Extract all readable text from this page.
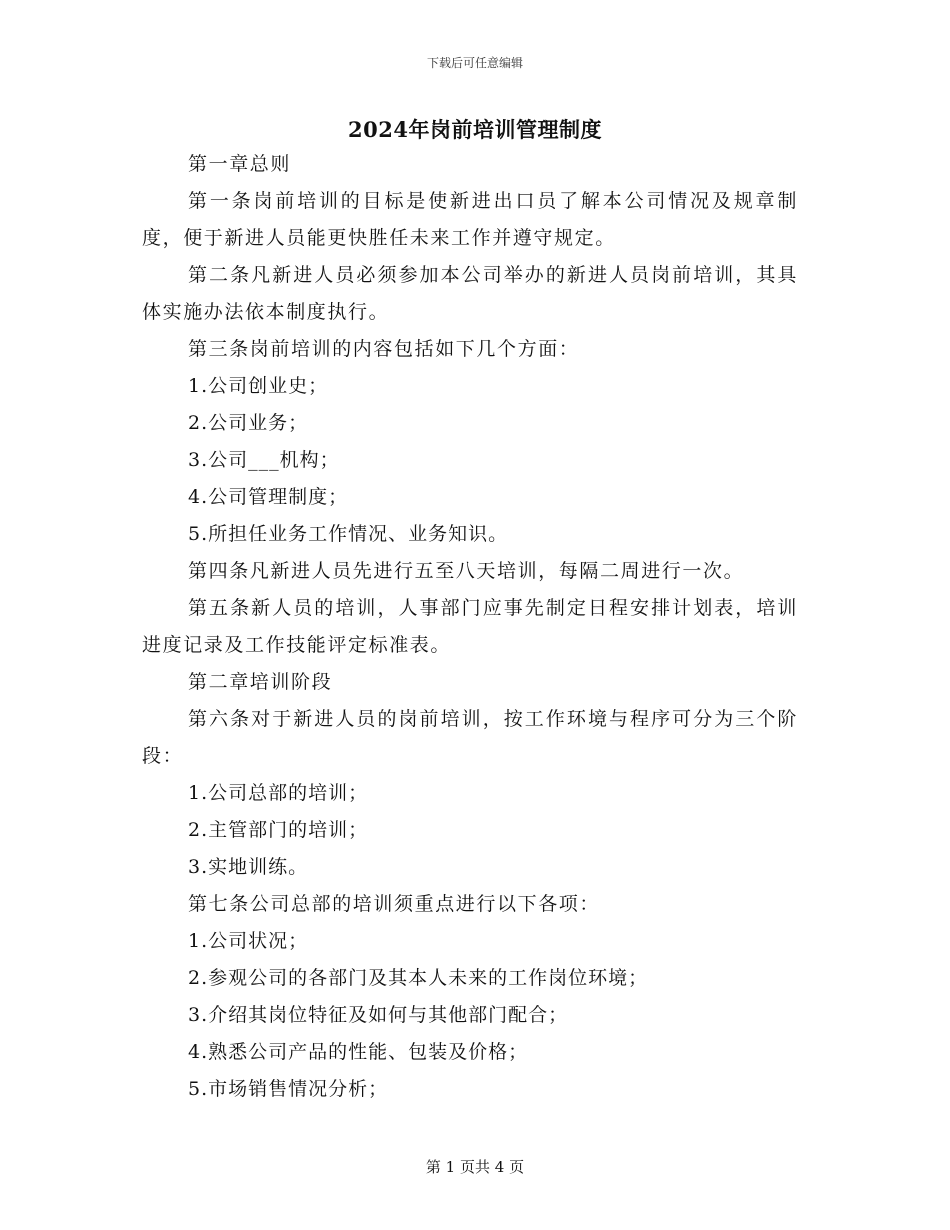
下载后可任意编辑
2024年岗前培训管理制度

第一章总则

第一条岗前培训的目标是使新进出口员了解本公司情况及规章制度，便于新进人员能更快胜任未来工作并遵守规定。

第二条凡新进人员必须参加本公司举办的新进人员岗前培训，其具体实施办法依本制度执行。

第三条岗前培训的内容包括如下几个方面：

1.公司创业史；

2.公司业务；

3.公司___机构；

4.公司管理制度；

5.所担任业务工作情况、业务知识。

第四条凡新进人员先进行五至八天培训，每隔二周进行一次。

第五条新人员的培训，人事部门应事先制定日程安排计划表，培训进度记录及工作技能评定标准表。

第二章培训阶段

第六条对于新进人员的岗前培训，按工作环境与程序可分为三个阶段：

1.公司总部的培训；

2.主管部门的培训；

3.实地训练。

第七条公司总部的培训须重点进行以下各项：

1.公司状况；

2.参观公司的各部门及其本人未来的工作岗位环境；

3.介绍其岗位特征及如何与其他部门配合；

4.熟悉公司产品的性能、包装及价格；

5.市场销售情况分析；

第 1 页共 4 页
